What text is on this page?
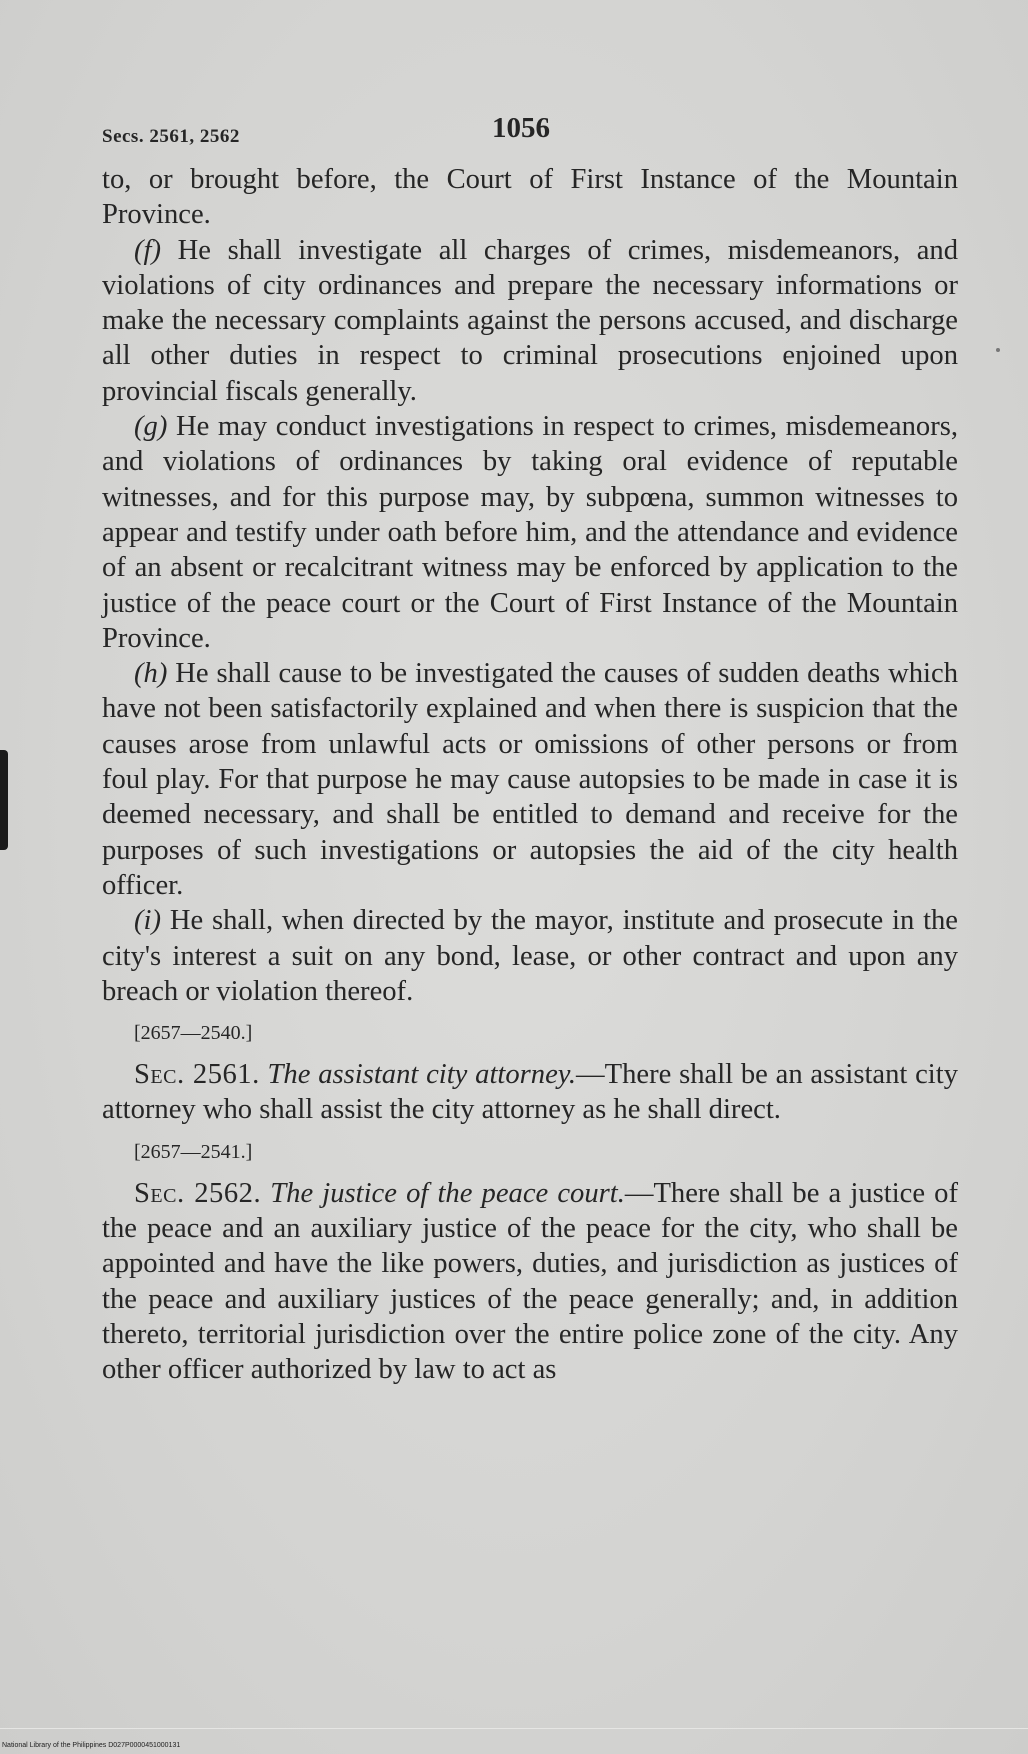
Secs. 2561, 2562	1056

to, or brought before, the Court of First Instance of the Mountain Province.

(f) He shall investigate all charges of crimes, misdemeanors, and violations of city ordinances and prepare the necessary informations or make the necessary complaints against the persons accused, and discharge all other duties in respect to criminal prosecutions enjoined upon provincial fiscals generally.

(g) He may conduct investigations in respect to crimes, misdemeanors, and violations of ordinances by taking oral evidence of reputable witnesses, and for this purpose may, by subpœna, summon witnesses to appear and testify under oath before him, and the attendance and evidence of an absent or recalcitrant witness may be enforced by application to the justice of the peace court or the Court of First Instance of the Mountain Province.

(h) He shall cause to be investigated the causes of sudden deaths which have not been satisfactorily explained and when there is suspicion that the causes arose from unlawful acts or omissions of other persons or from foul play. For that purpose he may cause autopsies to be made in case it is deemed necessary, and shall be entitled to demand and receive for the purposes of such investigations or autopsies the aid of the city health officer.

(i) He shall, when directed by the mayor, institute and prosecute in the city's interest a suit on any bond, lease, or other contract and upon any breach or violation thereof.

[2657—2540.]

Sec. 2561. The assistant city attorney.—There shall be an assistant city attorney who shall assist the city attorney as he shall direct.

[2657—2541.]

Sec. 2562. The justice of the peace court.—There shall be a justice of the peace and an auxiliary justice of the peace for the city, who shall be appointed and have the like powers, duties, and jurisdiction as justices of the peace and auxiliary justices of the peace generally; and, in addition thereto, territorial jurisdiction over the entire police zone of the city. Any other officer authorized by law to act as

National Library of the Philippines D027P0000451000131
